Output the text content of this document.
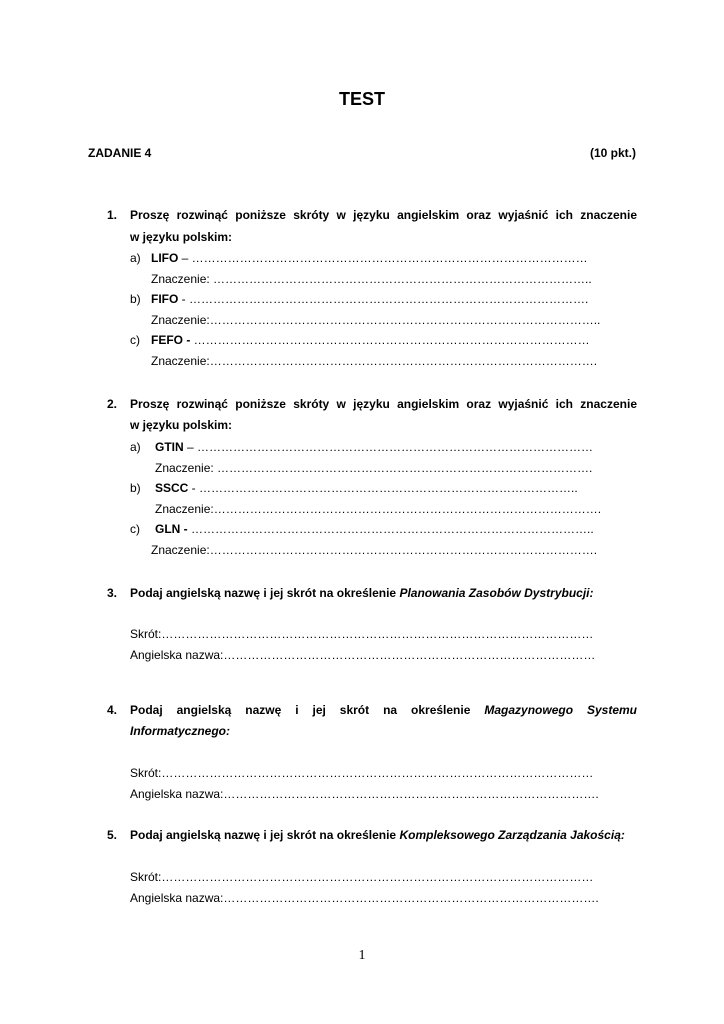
TEST
ZADANIE 4	(10 pkt.)
1. Proszę rozwinąć poniższe skróty w języku angielskim oraz wyjaśnić ich znaczenie
w języku polskim:
a) LIFO – ………………………………………………………………………………………
Znaczenie: …………………………………………………………………………………..
b) FIFO - ……………………………………………………………………………………….
Znaczenie:……………………………………………………………………………………..
c) FEFO - ………………………………………………………………………………………
Znaczenie:…………………………………………………………………………………….
2. Proszę rozwinąć poniższe skróty w języku angielskim oraz wyjaśnić ich znaczenie
w języku polskim:
a) GTIN – ………………………………………………………………………………………
Znaczenie: ………………………………………………………………………………….
b) SSCC - …………………………………………………………………………………..
Znaczenie:…………………………………………………………………………………….
c) GLN - ………………………………………………………………………………………..
Znaczenie:…………………………………………………………………………………….
3. Podaj angielską nazwę i jej skrót na określenie Planowania Zasobów Dystrybucji:
Skrót:………………………………………………………………………………………………
Angielska nazwa:…………………………………………………………………………………
4. Podaj angielską nazwę i jej skrót na określenie Magazynowego Systemu
Informatycznego:
Skrót:………………………………………………………………………………………………
Angielska nazwa:………………………………………………………………………………….
5. Podaj angielską nazwę i jej skrót na określenie Kompleksowego Zarządzania Jakością:
Skrót:………………………………………………………………………………………………
Angielska nazwa:………………………………………………………………………………….
1
